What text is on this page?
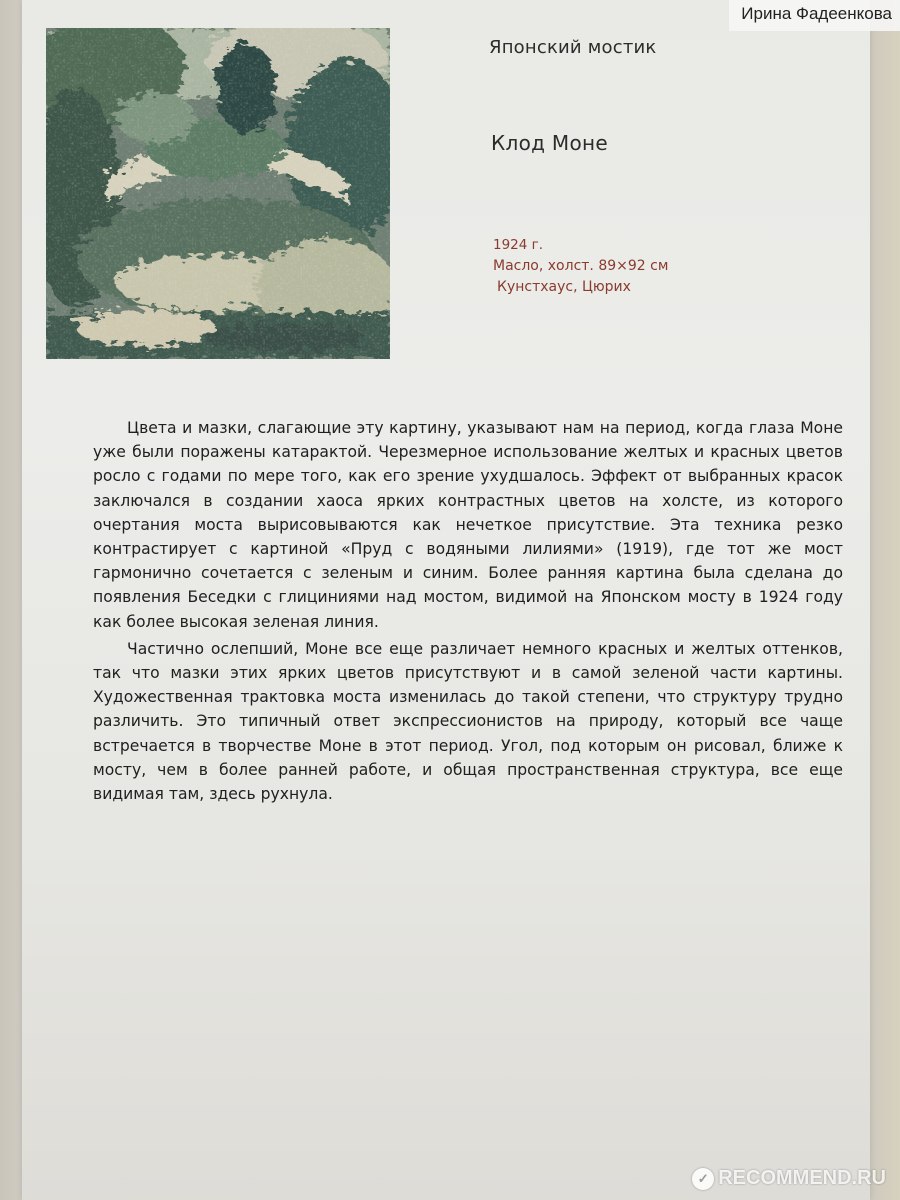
Японский мостик
Клод Моне
1924 г.
Масло, холст. 89×92 см
Кунстхаус, Цюрих

Цвета и мазки, слагающие эту картину, указывают нам на период, когда глаза Моне уже были поражены катарактой. Черезмерное использование желтых и красных цветов росло с годами по мере того, как его зрение ухудшалось. Эффект от выбранных красок заключался в создании хаоса ярких контрастных цветов на холсте, из которого очертания моста вырисовываются как нечеткое присутствие. Эта техника резко контрастирует с картиной «Пруд с водяными лилиями» (1919), где тот же мост гармонично сочетается с зеленым и синим. Более ранняя картина была сделана до появления Беседки с глициниями над мостом, видимой на Японском мосту в 1924 году как более высокая зеленая линия.

Частично ослепший, Моне все еще различает немного красных и желтых оттенков, так что мазки этих ярких цветов присутствуют и в самой зеленой части картины. Художественная трактовка моста изменилась до такой степени, что структуру трудно различить. Это типичный ответ экспрессионистов на природу, который все чаще встречается в творчестве Моне в этот период. Угол, под которым он рисовал, ближе к мосту, чем в более ранней работе, и общая пространственная структура, все еще видимая там, здесь рухнула.

Ирина Фадеенкова
✓ RECOMMEND.RU
